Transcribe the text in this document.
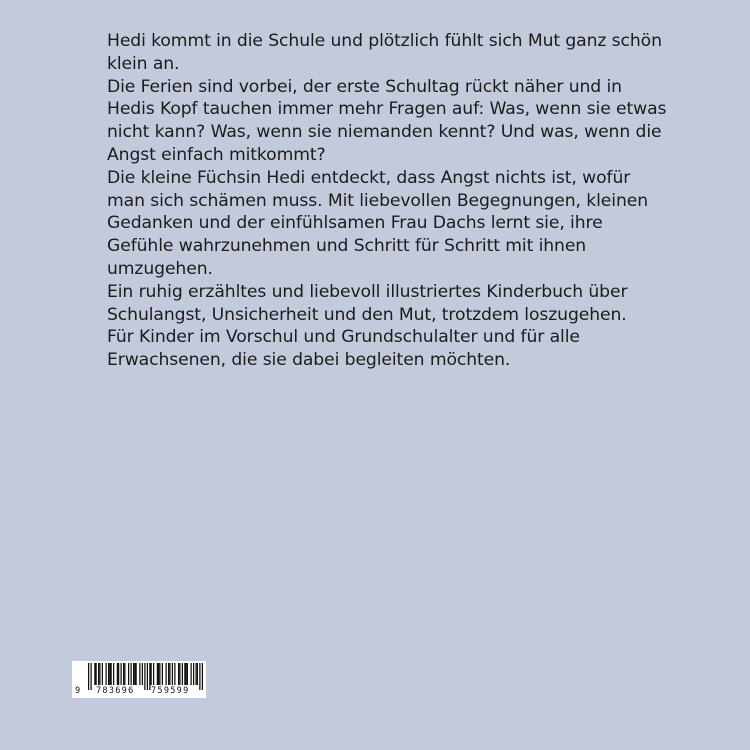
Hedi kommt in die Schule und plötzlich fühlt sich Mut ganz schön klein an.

Die Ferien sind vorbei, der erste Schultag rückt näher und in Hedis Kopf tauchen immer mehr Fragen auf: Was, wenn sie etwas nicht kann? Was, wenn sie niemanden kennt? Und was, wenn die Angst einfach mitkommt?

Die kleine Füchsin Hedi entdeckt, dass Angst nichts ist, wofür man sich schämen muss. Mit liebevollen Begegnungen, kleinen Gedanken und der einfühlsamen Frau Dachs lernt sie, ihre Gefühle wahrzunehmen und Schritt für Schritt mit ihnen umzugehen.

Ein ruhig erzähltes und liebevoll illustriertes Kinderbuch über Schulangst, Unsicherheit und den Mut, trotzdem loszugehen.

Für Kinder im Vorschul und Grundschulalter und für alle Erwachsenen, die sie dabei begleiten möchten.

9 783696 759599
